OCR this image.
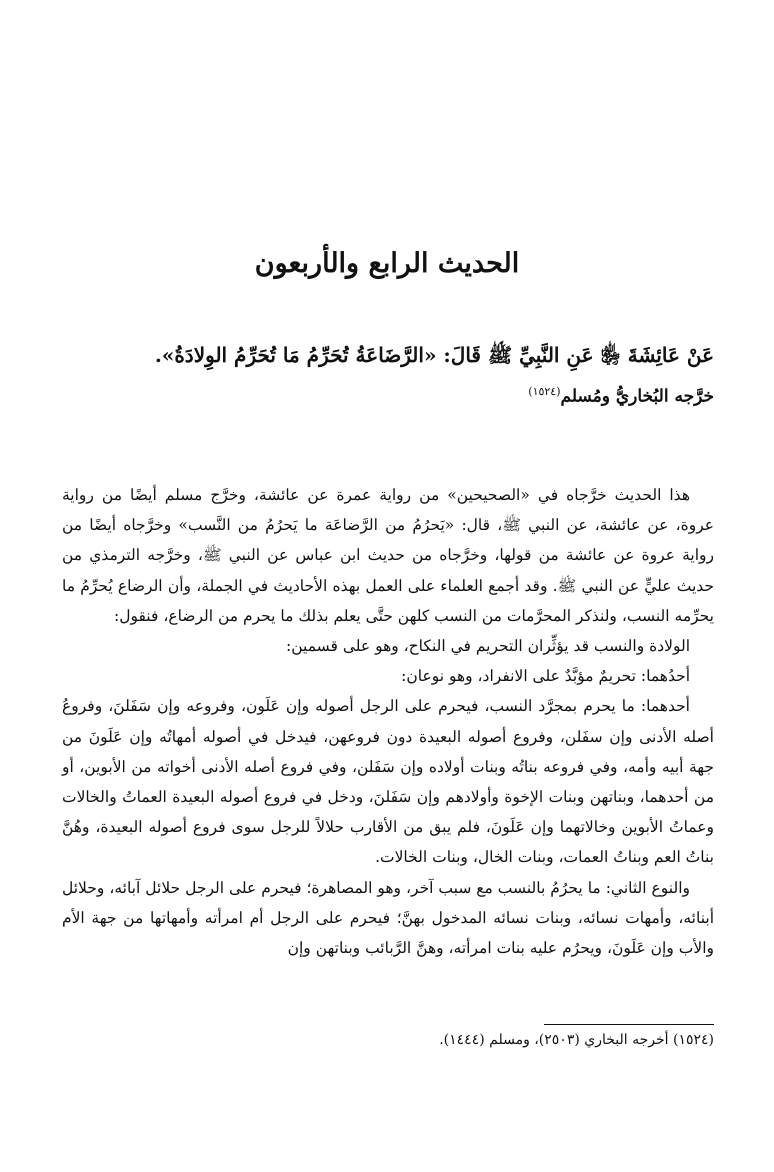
الحديث الرابع والأربعون
عَنْ عَائِشَةَ ﵂ عَنِ النَّبِيِّ ﷺ قَالَ: «الرَّضَاعَةُ تُحَرِّمُ مَا تُحَرِّمُ الوِلادَةُ».
خرَّجه البُخاريُّ ومُسلم$^{(١٥٢٤)}$

هذا الحديث خرَّجاه في «الصحيحين» من رواية عمرة عن عائشة، وخرَّج مسلم أيضًا من رواية عروة، عن عائشة، عن النبي ﷺ، قال: «يَحرُمُ من الرَّضاعَة ما يَحرُمُ من النَّسب» وخرَّجاه أيضًا من رواية عروة عن عائشة من قولها، وخرَّجاه من حديث ابن عباس عن النبي ﷺ، وخرَّجه الترمذي من حديث عليٍّ عن النبي ﷺ. وقد أجمع العلماء على العمل بهذه الأحاديث في الجملة، وأن الرضاع يُحرِّمُ ما يحرِّمه النسب، ولنذكر المحرَّمات من النسب كلهن حتَّى يعلم بذلك ما يحرم من الرضاع، فنقول:

الولادة والنسب قد يؤثِّران التحريم في النكاح، وهو على قسمين:

أحدُهما: تحريمٌ مؤبَّدٌ على الانفراد، وهو نوعان:

أحدهما: ما يحرم بمجرَّد النسب، فيحرم على الرجل أصوله وإن عَلَون، وفروعه وإن سَفَلنَ، وفروعُ أصله الأدنى وإن سفَلن، وفروع أصوله البعيدة دون فروعهن، فيدخل في أصوله أمهاتُه وإن عَلَونَ من جهة أبيه وأمه، وفي فروعه بناتُه وبنات أولاده وإن سَفَلن، وفي فروع أصله الأدنى أخواته من الأبوين، أو من أحدهما، وبناتهن وبنات الإخوة وأولادهم وإن سَفَلنَ، ودخل في فروع أصوله البعيدة العماتُ والخالات وعماتُ الأبوين وخالاتهما وإن عَلَونَ، فلم يبق من الأقارب حلالاً للرجل سوى فروع أصوله البعيدة، وهُنَّ بناتُ العم وبناتُ العمات، وبنات الخال، وبنات الخالات.

والنوع الثاني: ما يحرُمُ بالنسب مع سبب آخر، وهو المصاهرة؛ فيحرم على الرجل حلائل آبائه، وحلائل أبنائه، وأمهات نسائه، وبنات نسائه المدخول بهنَّ؛ فيحرم على الرجل أم امرأته وأمهاتها من جهة الأم والأب وإن عَلَونَ، ويحرُم عليه بنات امرأته، وهنَّ الرَّبائب وبناتهن وإن

(١٥٢٤) أخرجه البخاري (٢٥٠٣)، ومسلم (١٤٤٤).
